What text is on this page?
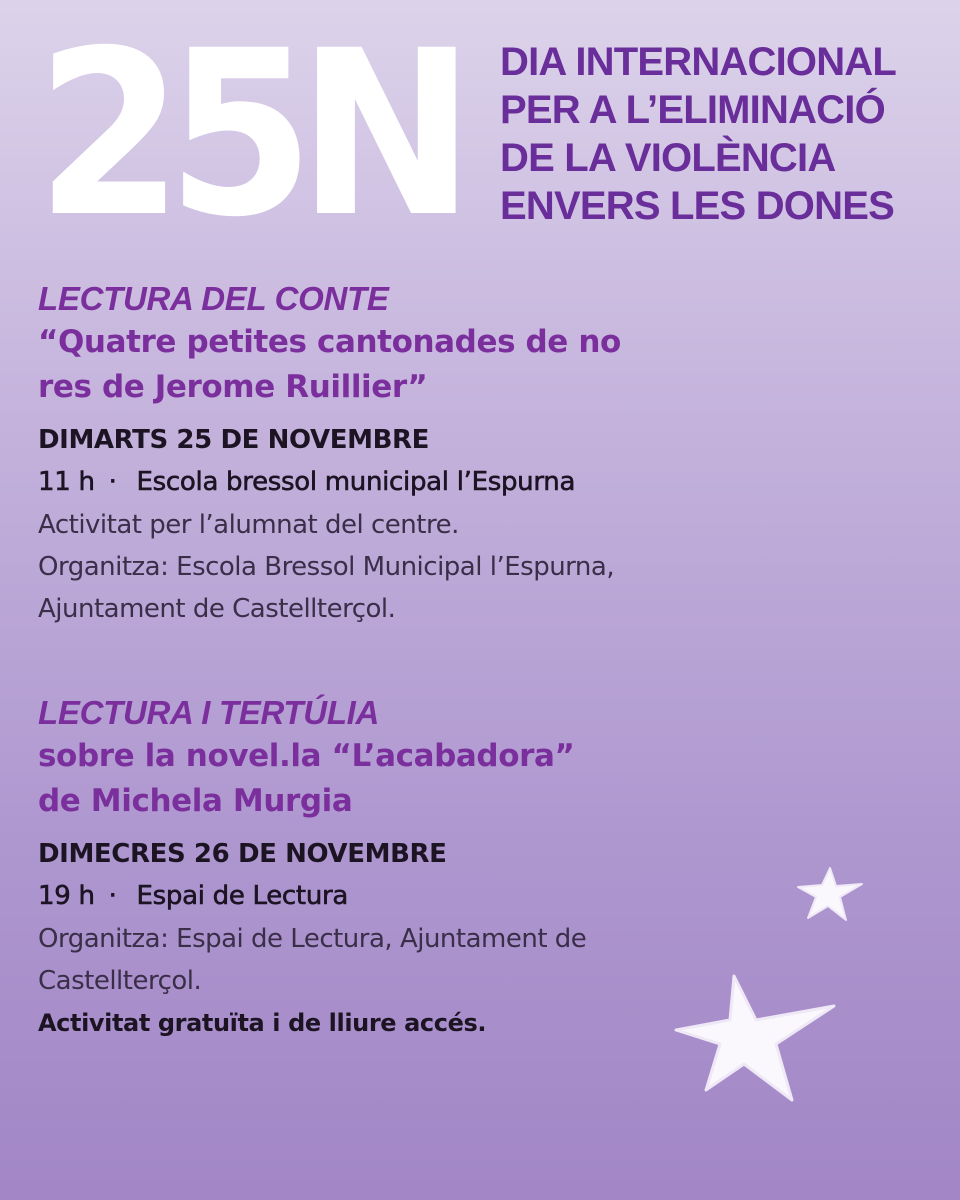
25N DIA INTERNACIONAL
PER A L’ELIMINACIÓ
DE LA VIOLÈNCIA
ENVERS LES DONES
LECTURA DEL CONTE
“Quatre petites cantonades de no
res de Jerome Ruillier”
DIMARTS 25 DE NOVEMBRE
11 h · Escola bressol municipal l’Espurna
Activitat per l’alumnat del centre.
Organitza: Escola Bressol Municipal l’Espurna,
Ajuntament de Castellterçol.
LECTURA I TERTÚLIA
sobre la novel.la “L’acabadora”
de Michela Murgia
DIMECRES 26 DE NOVEMBRE
19 h · Espai de Lectura
Organitza: Espai de Lectura, Ajuntament de
Castellterçol.
Activitat gratuïta i de lliure accés.
